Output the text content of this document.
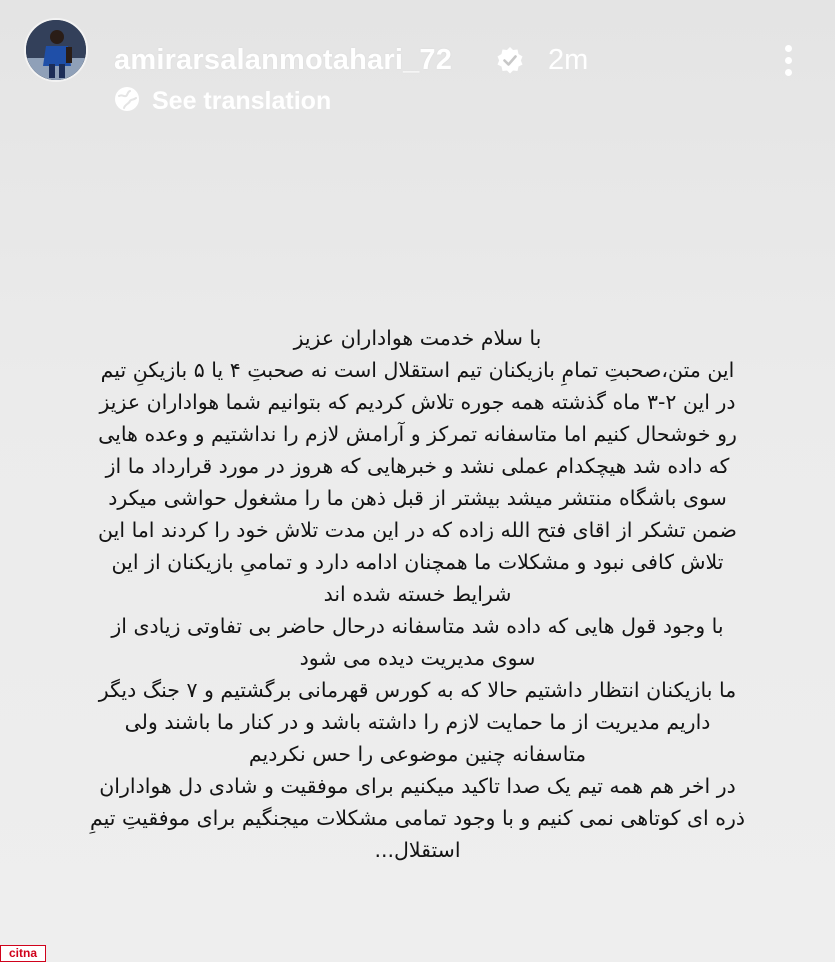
amirarsalanmotahari_72	2m
See translation
با سلام خدمت هواداران عزیز
این متن،صحبتِ تمامِ بازیکنان تیم استقلال است نه صحبتِ ۴ یا ۵ بازیکنِ تیم
در این ۲-۳ ماه گذشته همه جوره تلاش کردیم که بتوانیم شما هواداران عزیز
رو خوشحال کنیم اما متاسفانه تمرکز و آرامش لازم را نداشتیم و وعده هایی
که داده شد هیچکدام عملی نشد و خبرهایی که هروز در مورد قرارداد ما از
سوی باشگاه منتشر میشد بیشتر از قبل ذهن ما را مشغول حواشی میکرد
ضمن تشکر از اقای فتح الله زاده که در این مدت تلاش خود را کردند اما این
تلاش کافی نبود و مشکلات ما همچنان ادامه دارد و تمامیِ بازیکنان از این
شرایط خسته شده اند
با وجود قول هایی که داده شد متاسفانه درحال حاضر بی تفاوتی زیادی از
سوی مدیریت دیده می شود
ما بازیکنان انتظار داشتیم حالا که به کورس قهرمانی برگشتیم و ۷ جنگ دیگر
داریم مدیریت از ما حمایت لازم را داشته باشد و در کنار ما باشند ولی
متاسفانه چنین موضوعی را حس نکردیم
در اخر هم همه تیم یک صدا تاکید میکنیم برای موفقیت و شادی دل هواداران
ذره ای کوتاهی نمی کنیم و با وجود تمامی مشکلات میجنگیم برای موفقیتِ تیمِ
استقلال...
citna
